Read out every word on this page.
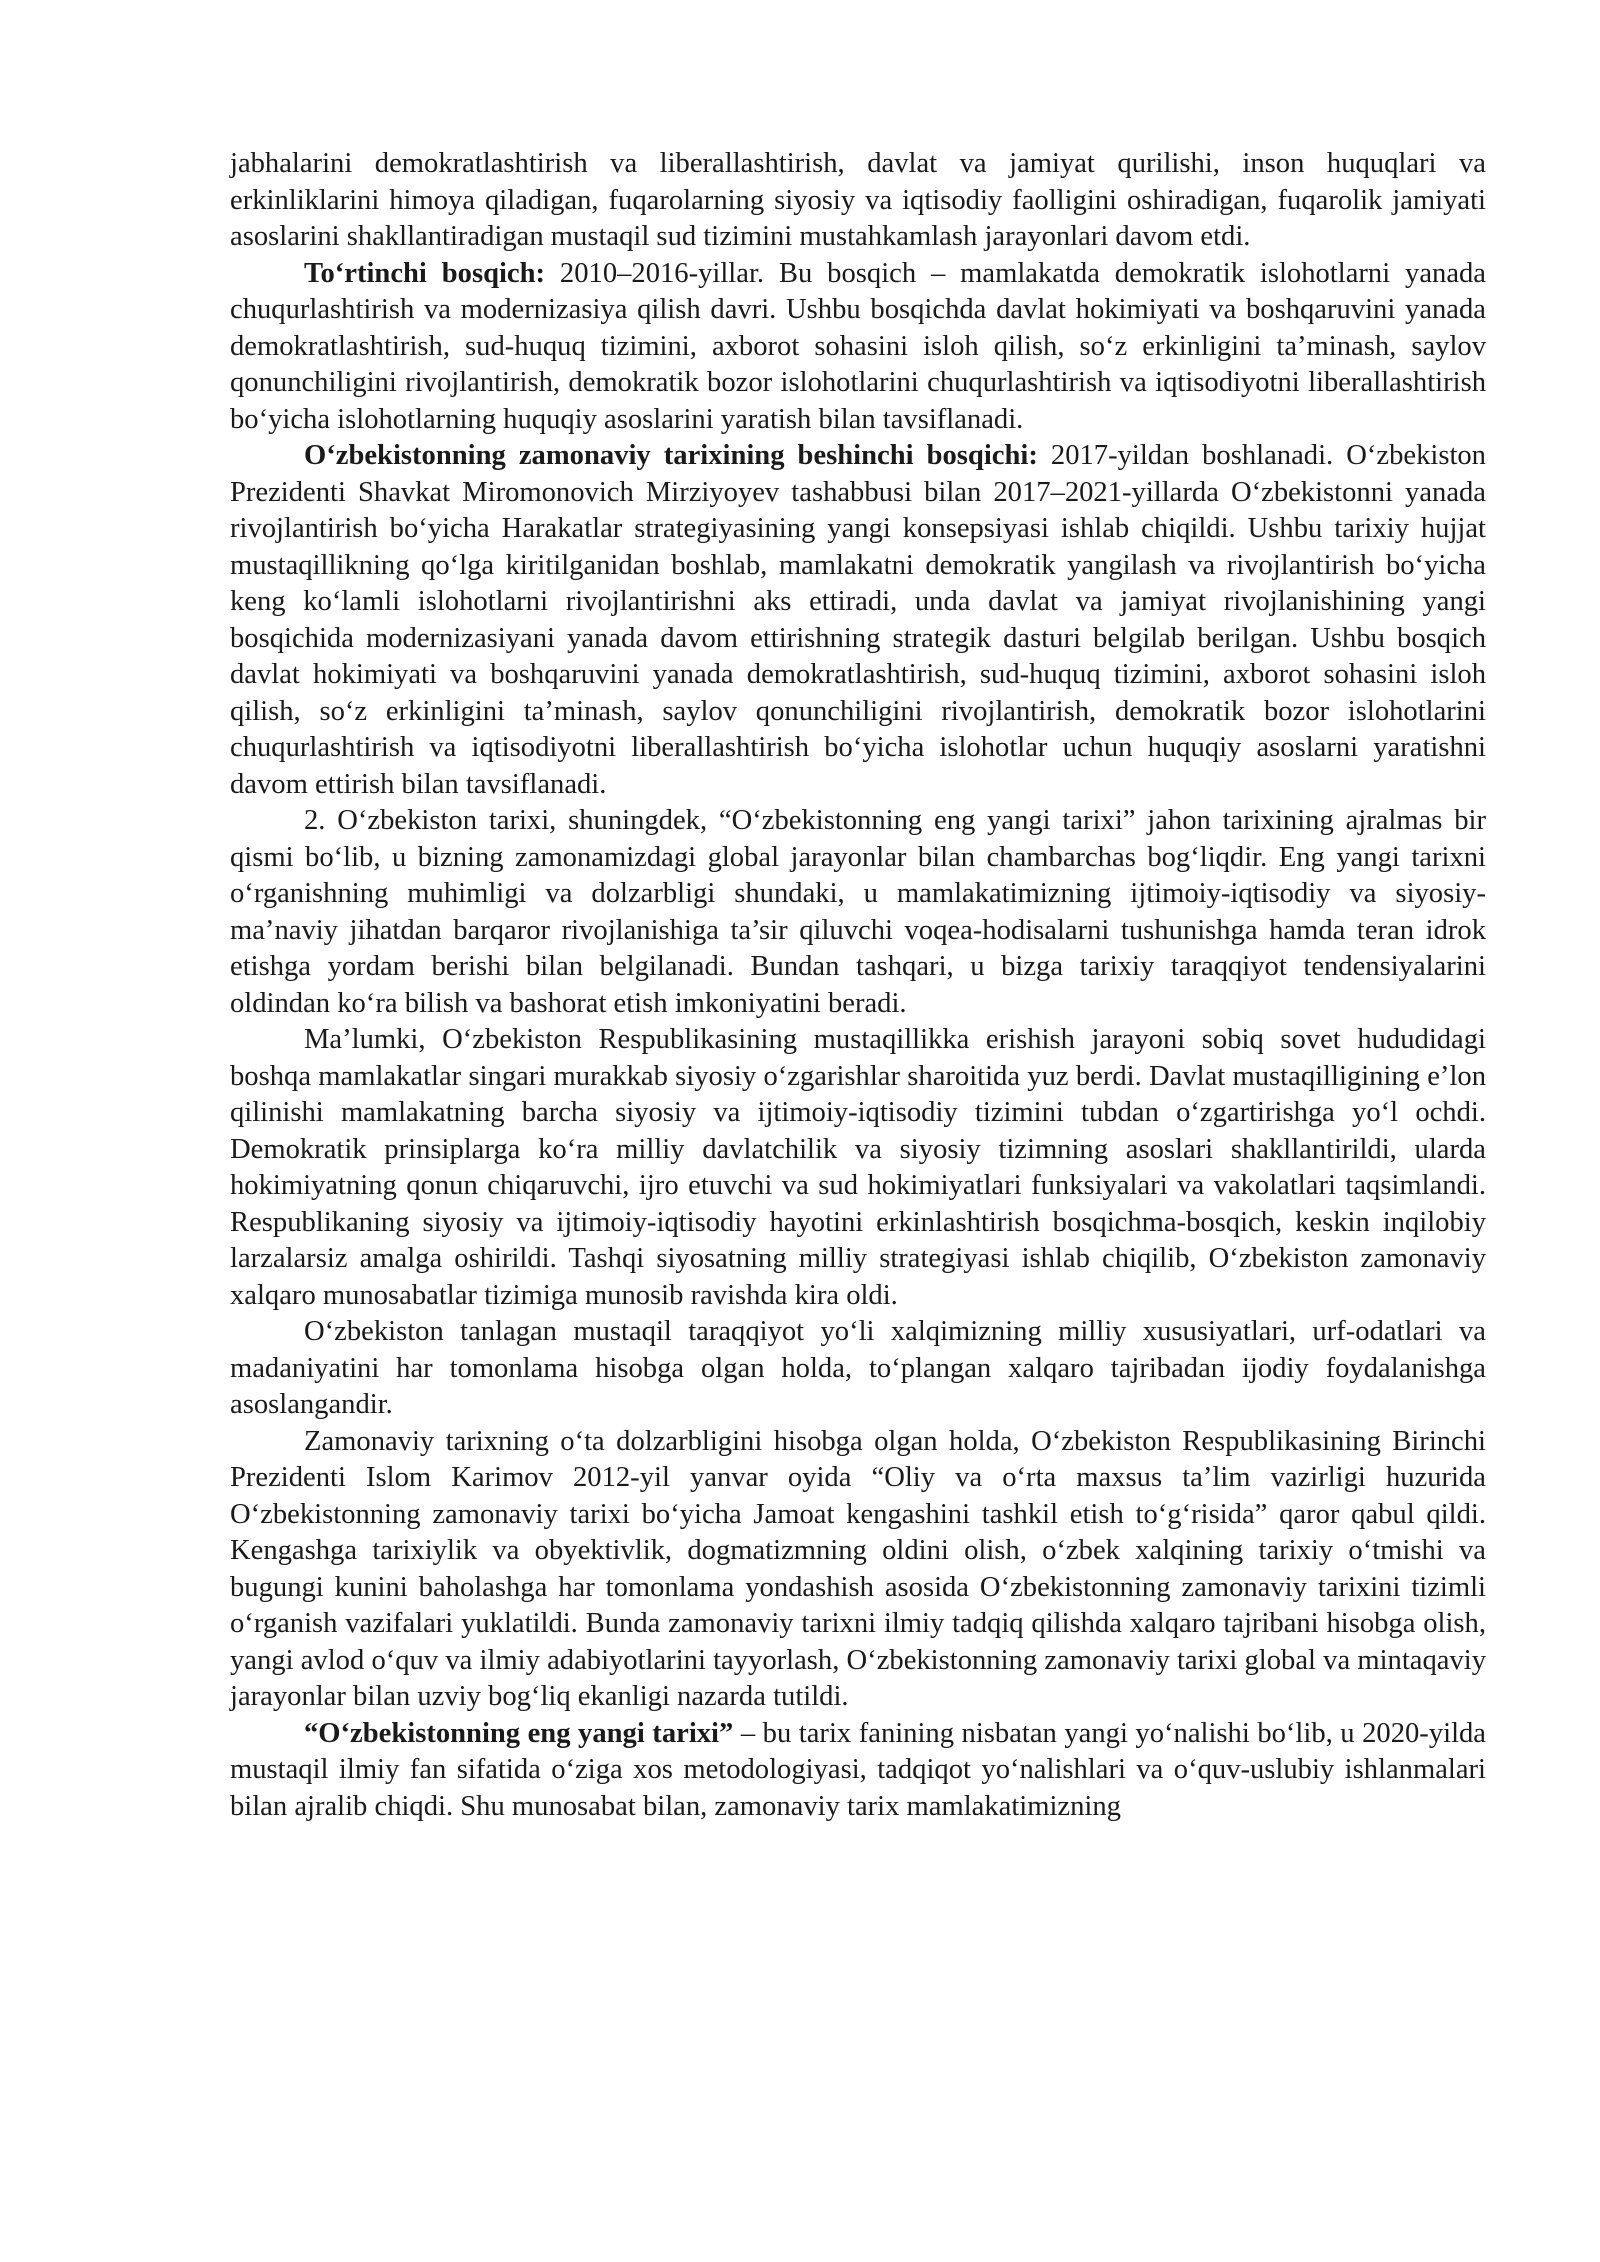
jabhalarini demokratlashtirish va liberallashtirish, davlat va jamiyat qurilishi, inson huquqlari va erkinliklarini himoya qiladigan, fuqarolarning siyosiy va iqtisodiy faolligini oshiradigan, fuqarolik jamiyati asoslarini shakllantiradigan mustaqil sud tizimini mustahkamlash jarayonlari davom etdi.

To‘rtinchi bosqich: 2010–2016-yillar. Bu bosqich – mamlakatda demokratik islohotlarni yanada chuqurlashtirish va modernizasiya qilish davri. Ushbu bosqichda davlat hokimiyati va boshqaruvini yanada demokratlashtirish, sud-huquq tizimini, axborot sohasini isloh qilish, so‘z erkinligini ta’minash, saylov qonunchiligini rivojlantirish, demokratik bozor islohotlarini chuqurlashtirish va iqtisodiyotni liberallashtirish bo‘yicha islohotlarning huquqiy asoslarini yaratish bilan tavsiflanadi.

O‘zbekistonning zamonaviy tarixining beshinchi bosqichi: 2017-yildan boshlanadi. O‘zbekiston Prezidenti Shavkat Miromonovich Mirziyoyev tashabbusi bilan 2017–2021-yillarda O‘zbekistonni yanada rivojlantirish bo‘yicha Harakatlar strategiyasining yangi konsepsiyasi ishlab chiqildi. Ushbu tarixiy hujjat mustaqillikning qo‘lga kiritilganidan boshlab, mamlakatni demokratik yangilash va rivojlantirish bo‘yicha keng ko‘lamli islohotlarni rivojlantirishni aks ettiradi, unda davlat va jamiyat rivojlanishining yangi bosqichida modernizasiyani yanada davom ettirishning strategik dasturi belgilab berilgan. Ushbu bosqich davlat hokimiyati va boshqaruvini yanada demokratlashtirish, sud-huquq tizimini, axborot sohasini isloh qilish, so‘z erkinligini ta’minash, saylov qonunchiligini rivojlantirish, demokratik bozor islohotlarini chuqurlashtirish va iqtisodiyotni liberallashtirish bo‘yicha islohotlar uchun huquqiy asoslarni yaratishni davom ettirish bilan tavsiflanadi.

2. O‘zbekiston tarixi, shuningdek, “O‘zbekistonning eng yangi tarixi” jahon tarixining ajralmas bir qismi bo‘lib, u bizning zamonamizdagi global jarayonlar bilan chambarchas bog‘liqdir. Eng yangi tarixni o‘rganishning muhimligi va dolzarbligi shundaki, u mamlakatimizning ijtimoiy-iqtisodiy va siyosiy-ma’naviy jihatdan barqaror rivojlanishiga ta’sir qiluvchi voqea-hodisalarni tushunishga hamda teran idrok etishga yordam berishi bilan belgilanadi. Bundan tashqari, u bizga tarixiy taraqqiyot tendensiyalarini oldindan ko‘ra bilish va bashorat etish imkoniyatini beradi.

Ma’lumki, O‘zbekiston Respublikasining mustaqillikka erishish jarayoni sobiq sovet hududidagi boshqa mamlakatlar singari murakkab siyosiy o‘zgarishlar sharoitida yuz berdi. Davlat mustaqilligining e’lon qilinishi mamlakatning barcha siyosiy va ijtimoiy-iqtisodiy tizimini tubdan o‘zgartirishga yo‘l ochdi. Demokratik prinsiplarga ko‘ra milliy davlatchilik va siyosiy tizimning asoslari shakllantirildi, ularda hokimiyatning qonun chiqaruvchi, ijro etuvchi va sud hokimiyatlari funksiyalari va vakolatlari taqsimlandi. Respublikaning siyosiy va ijtimoiy-iqtisodiy hayotini erkinlashtirish bosqichma-bosqich, keskin inqilobiy larzalarsiz amalga oshirildi. Tashqi siyosatning milliy strategiyasi ishlab chiqilib, O‘zbekiston zamonaviy xalqaro munosabatlar tizimiga munosib ravishda kira oldi.

O‘zbekiston tanlagan mustaqil taraqqiyot yo‘li xalqimizning milliy xususiyatlari, urf-odatlari va madaniyatini har tomonlama hisobga olgan holda, to‘plangan xalqaro tajribadan ijodiy foydalanishga asoslangandir.

Zamonaviy tarixning o‘ta dolzarbligini hisobga olgan holda, O‘zbekiston Respublikasining Birinchi Prezidenti Islom Karimov 2012-yil yanvar oyida “Oliy va o‘rta maxsus ta’lim vazirligi huzurida O‘zbekistonning zamonaviy tarixi bo‘yicha Jamoat kengashini tashkil etish to‘g‘risida” qaror qabul qildi. Kengashga tarixiylik va obyektivlik, dogmatizmning oldini olish, o‘zbek xalqining tarixiy o‘tmishi va bugungi kunini baholashga har tomonlama yondashish asosida O‘zbekistonning zamonaviy tarixini tizimli o‘rganish vazifalari yuklatildi. Bunda zamonaviy tarixni ilmiy tadqiq qilishda xalqaro tajribani hisobga olish, yangi avlod o‘quv va ilmiy adabiyotlarini tayyorlash, O‘zbekistonning zamonaviy tarixi global va mintaqaviy jarayonlar bilan uzviy bog‘liq ekanligi nazarda tutildi.

“O‘zbekistonning eng yangi tarixi” – bu tarix fanining nisbatan yangi yo‘nalishi bo‘lib, u 2020-yilda mustaqil ilmiy fan sifatida o‘ziga xos metodologiyasi, tadqiqot yo‘nalishlari va o‘quv-uslubiy ishlanmalari bilan ajralib chiqdi. Shu munosabat bilan, zamonaviy tarix mamlakatimizning
